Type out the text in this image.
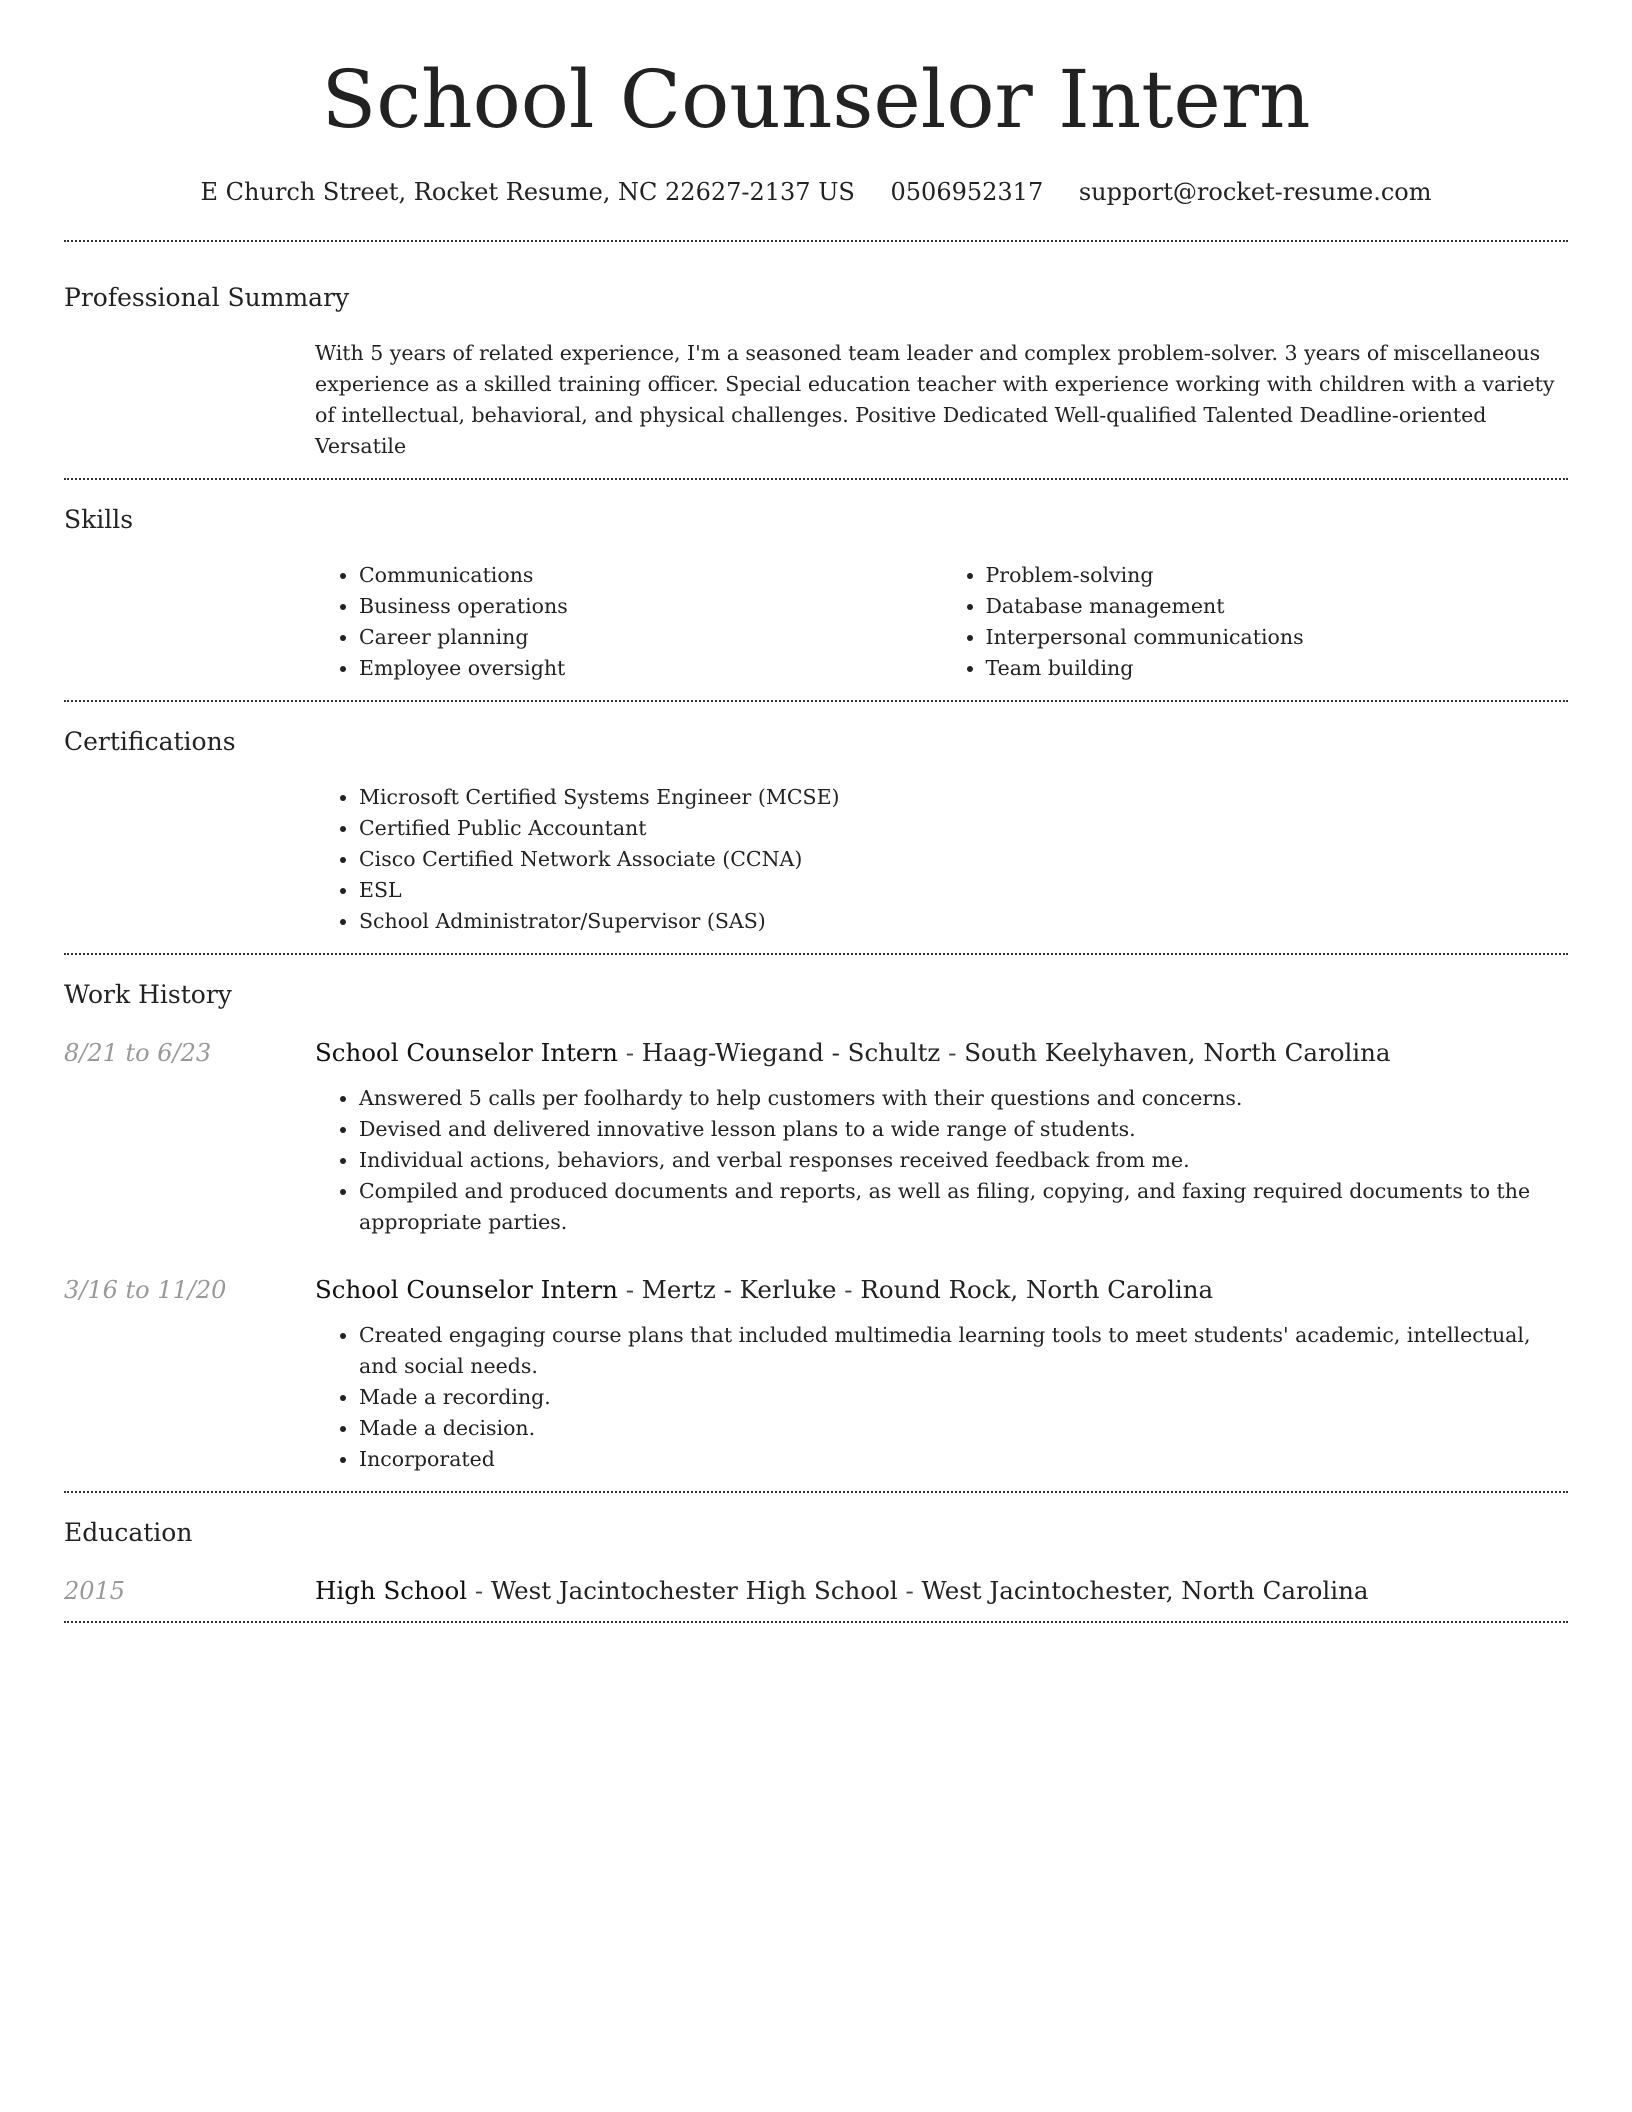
School Counselor Intern
E Church Street, Rocket Resume, NC 22627-2137 US 0506952317 support@rocket-resume.com
Professional Summary
With 5 years of related experience, I'm a seasoned team leader and complex problem-solver. 3 years of miscellaneous experience as a skilled training officer. Special education teacher with experience working with children with a variety of intellectual, behavioral, and physical challenges. Positive Dedicated Well-qualified Talented Deadline-oriented Versatile
Skills
• Communications
• Business operations
• Career planning
• Employee oversight
• Problem-solving
• Database management
• Interpersonal communications
• Team building
Certifications
• Microsoft Certified Systems Engineer (MCSE)
• Certified Public Accountant
• Cisco Certified Network Associate (CCNA)
• ESL
• School Administrator/Supervisor (SAS)
Work History
8/21 to 6/23	School Counselor Intern - Haag-Wiegand - Schultz - South Keelyhaven, North Carolina
• Answered 5 calls per foolhardy to help customers with their questions and concerns.
• Devised and delivered innovative lesson plans to a wide range of students.
• Individual actions, behaviors, and verbal responses received feedback from me.
• Compiled and produced documents and reports, as well as filing, copying, and faxing required documents to the appropriate parties.
3/16 to 11/20	School Counselor Intern - Mertz - Kerluke - Round Rock, North Carolina
• Created engaging course plans that included multimedia learning tools to meet students' academic, intellectual, and social needs.
• Made a recording.
• Made a decision.
• Incorporated
Education
2015	High School - West Jacintochester High School - West Jacintochester, North Carolina
